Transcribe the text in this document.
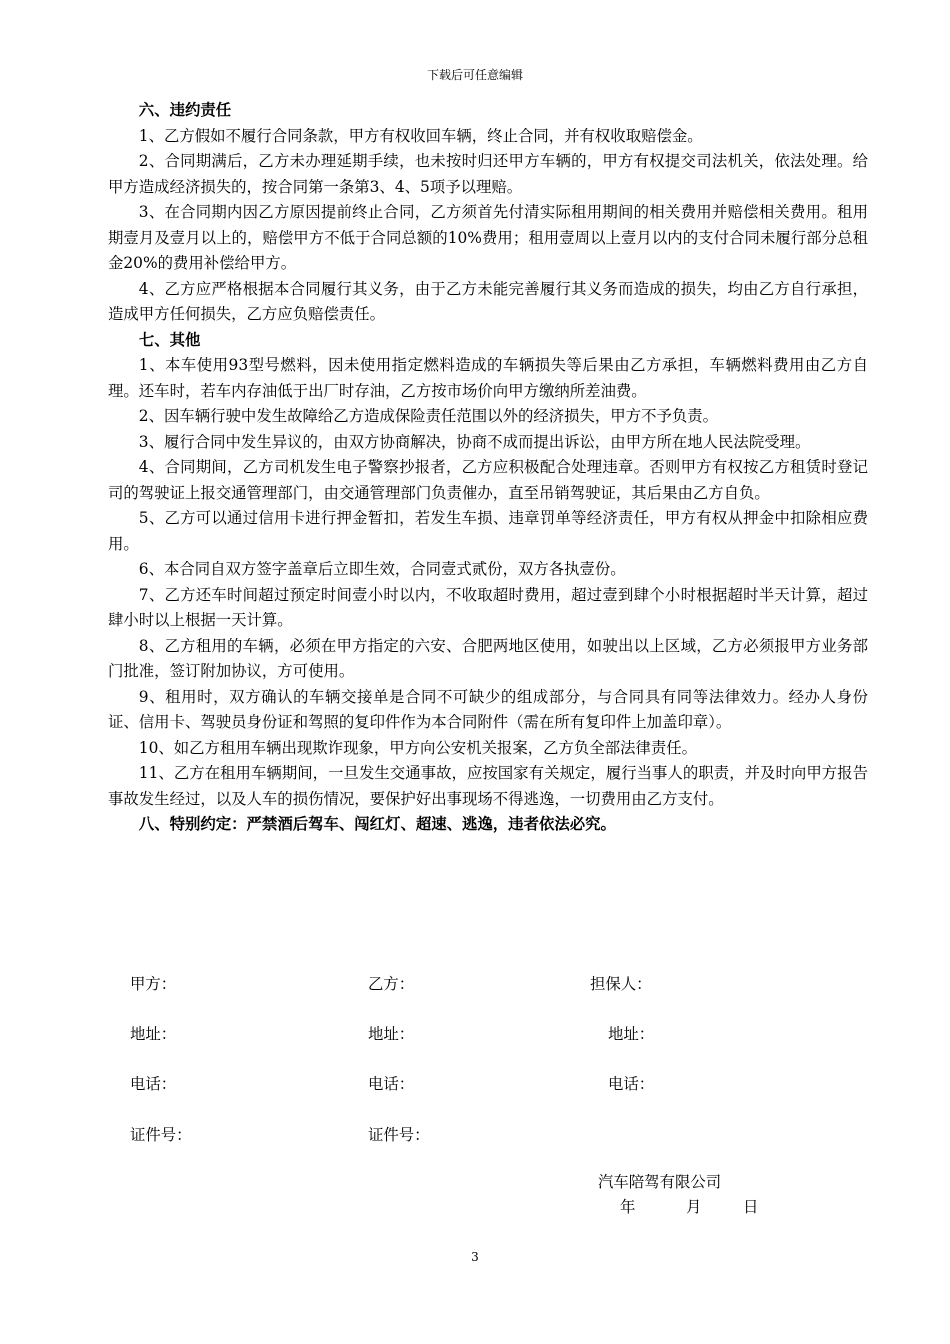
下载后可任意编辑

六、违约责任

1、乙方假如不履行合同条款，甲方有权收回车辆，终止合同，并有权收取赔偿金。

2、合同期满后，乙方未办理延期手续，也未按时归还甲方车辆的，甲方有权提交司法机关，依法处理。给甲方造成经济损失的，按合同第一条第3、4、5项予以理赔。

3、在合同期内因乙方原因提前终止合同，乙方须首先付清实际租用期间的相关费用并赔偿相关费用。租用期壹月及壹月以上的，赔偿甲方不低于合同总额的10%费用；租用壹周以上壹月以内的支付合同未履行部分总租金20%的费用补偿给甲方。

4、乙方应严格根据本合同履行其义务，由于乙方未能完善履行其义务而造成的损失，均由乙方自行承担，造成甲方任何损失，乙方应负赔偿责任。

七、其他

1、本车使用93型号燃料，因未使用指定燃料造成的车辆损失等后果由乙方承担，车辆燃料费用由乙方自理。还车时，若车内存油低于出厂时存油，乙方按市场价向甲方缴纳所差油费。

2、因车辆行驶中发生故障给乙方造成保险责任范围以外的经济损失，甲方不予负责。

3、履行合同中发生异议的，由双方协商解决，协商不成而提出诉讼，由甲方所在地人民法院受理。

4、合同期间，乙方司机发生电子警察抄报者，乙方应积极配合处理违章。否则甲方有权按乙方租赁时登记司的驾驶证上报交通管理部门，由交通管理部门负责催办，直至吊销驾驶证，其后果由乙方自负。

5、乙方可以通过信用卡进行押金暂扣，若发生车损、违章罚单等经济责任，甲方有权从押金中扣除相应费用。

6、本合同自双方签字盖章后立即生效，合同壹式贰份，双方各执壹份。

7、乙方还车时间超过预定时间壹小时以内，不收取超时费用，超过壹到肆个小时根据超时半天计算，超过肆小时以上根据一天计算。

8、乙方租用的车辆，必须在甲方指定的六安、合肥两地区使用，如驶出以上区域，乙方必须报甲方业务部门批准，签订附加协议，方可使用。

9、租用时，双方确认的车辆交接单是合同不可缺少的组成部分，与合同具有同等法律效力。经办人身份证、信用卡、驾驶员身份证和驾照的复印件作为本合同附件（需在所有复印件上加盖印章）。

10、如乙方租用车辆出现欺诈现象，甲方向公安机关报案，乙方负全部法律责任。

11、乙方在租用车辆期间，一旦发生交通事故，应按国家有关规定，履行当事人的职责，并及时向甲方报告事故发生经过，以及人车的损伤情况，要保护好出事现场不得逃逸，一切费用由乙方支付。

八、特别约定：严禁酒后驾车、闯红灯、超速、逃逸，违者依法必究。

甲方：	乙方：	担保人：
地址：	地址：	地址：
电话：	电话：	电话：
证件号：	证件号：
汽车陪驾有限公司
年	月	日
3
